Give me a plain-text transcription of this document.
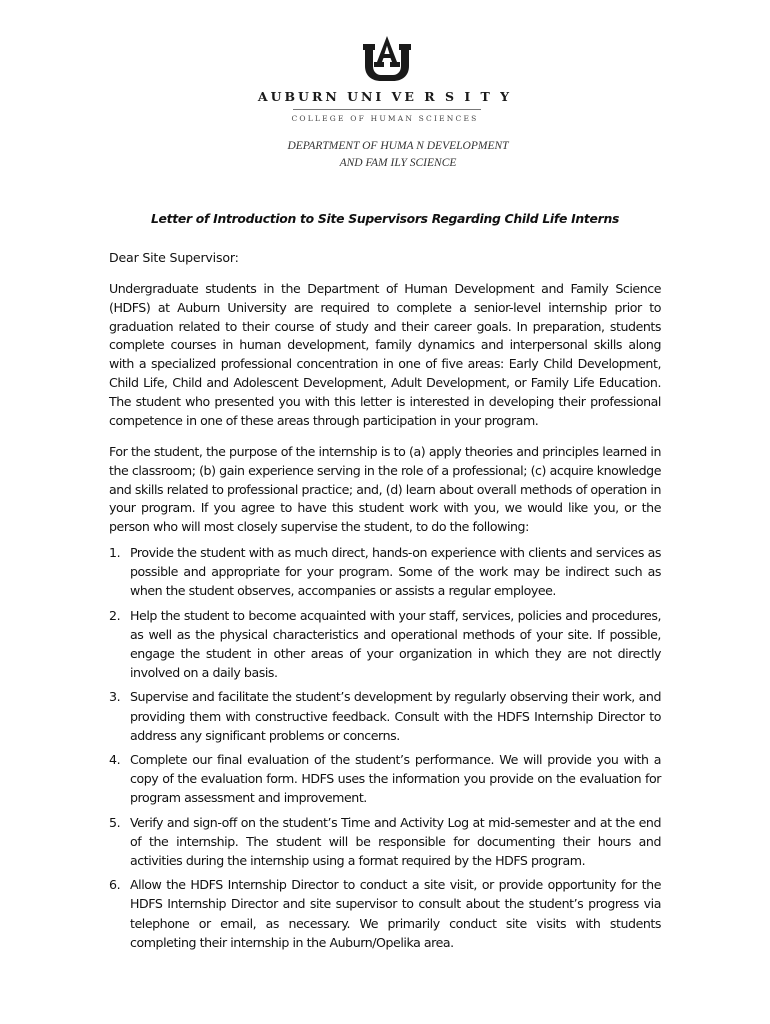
AUBURN UNI VE R S I T Y
COLLEGE OF HUMAN SCIENCES
DEPARTMENT OF HUMA N DEVELOPMENT
AND FAM ILY SCIENCE
Letter of Introduction to Site Supervisors Regarding Child Life Interns
Dear Site Supervisor:

Undergraduate students in the Department of Human Development and Family Science (HDFS) at Auburn University are required to complete a senior-level internship prior to graduation related to their course of study and their career goals. In preparation, students complete courses in human development, family dynamics and interpersonal skills along with a specialized professional concentration in one of five areas: Early Child Development, Child Life, Child and Adolescent Development, Adult Development, or Family Life Education. The student who presented you with this letter is interested in developing their professional competence in one of these areas through participation in your program.

For the student, the purpose of the internship is to (a) apply theories and principles learned in the classroom; (b) gain experience serving in the role of a professional; (c) acquire knowledge and skills related to professional practice; and, (d) learn about overall methods of operation in your program. If you agree to have this student work with you, we would like you, or the person who will most closely supervise the student, to do the following:

1. Provide the student with as much direct, hands-on experience with clients and services as possible and appropriate for your program. Some of the work may be indirect such as when the student observes, accompanies or assists a regular employee.
2. Help the student to become acquainted with your staff, services, policies and procedures, as well as the physical characteristics and operational methods of your site. If possible, engage the student in other areas of your organization in which they are not directly involved on a daily basis.
3. Supervise and facilitate the student’s development by regularly observing their work, and providing them with constructive feedback. Consult with the HDFS Internship Director to address any significant problems or concerns.
4. Complete our final evaluation of the student’s performance. We will provide you with a copy of the evaluation form. HDFS uses the information you provide on the evaluation for program assessment and improvement.
5. Verify and sign-off on the student’s Time and Activity Log at mid-semester and at the end of the internship. The student will be responsible for documenting their hours and activities during the internship using a format required by the HDFS program.
6. Allow the HDFS Internship Director to conduct a site visit, or provide opportunity for the HDFS Internship Director and site supervisor to consult about the student’s progress via telephone or email, as necessary. We primarily conduct site visits with students completing their internship in the Auburn/Opelika area.
